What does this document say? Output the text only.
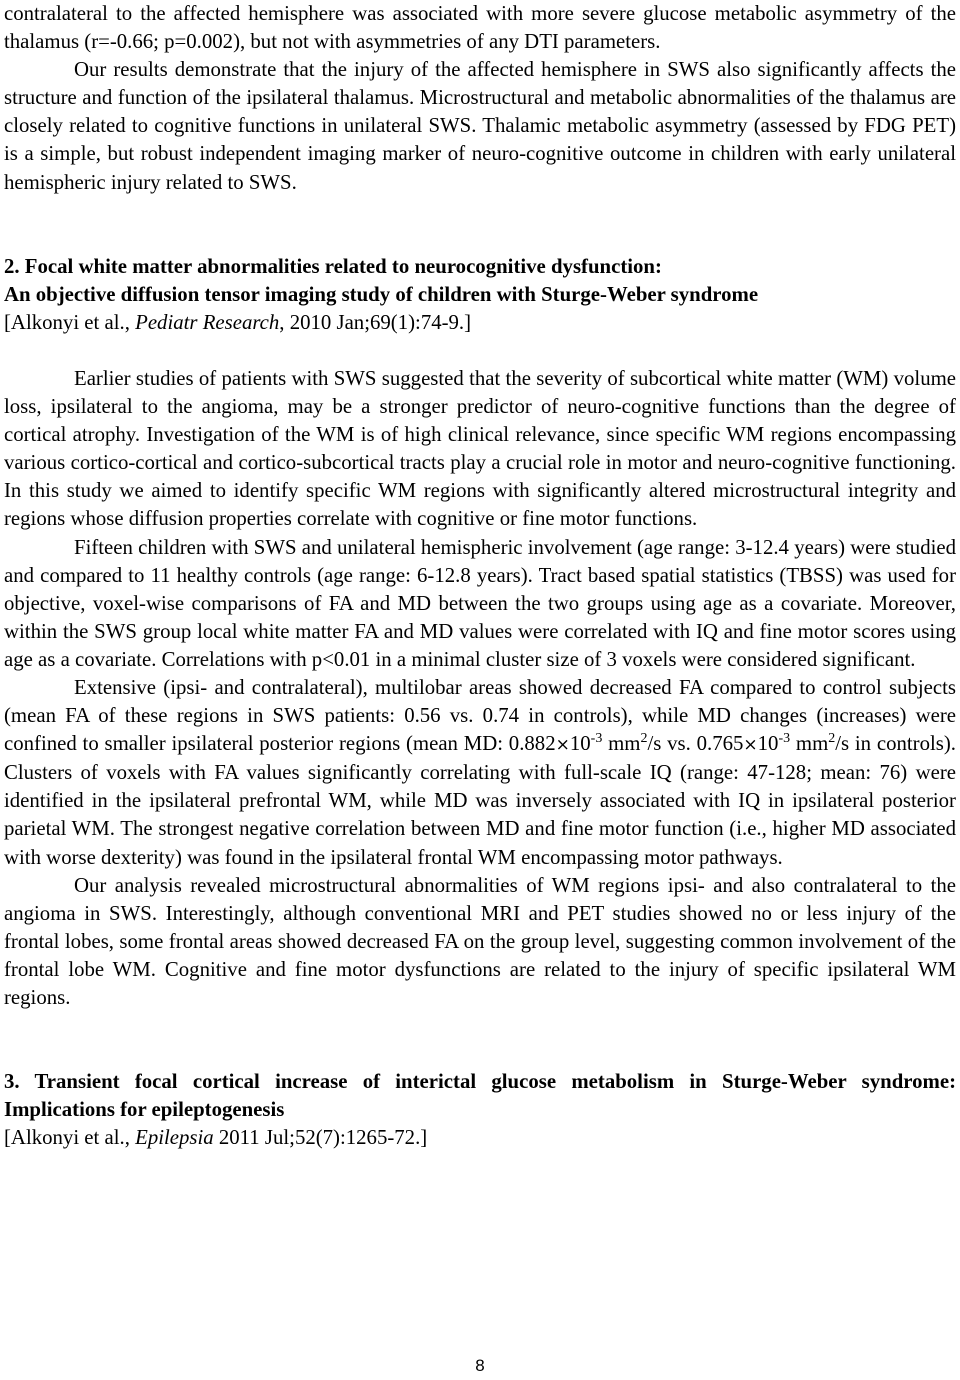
contralateral to the affected hemisphere was associated with more severe glucose metabolic asymmetry of the thalamus (r=-0.66; p=0.002), but not with asymmetries of any DTI parameters.

Our results demonstrate that the injury of the affected hemisphere in SWS also significantly affects the structure and function of the ipsilateral thalamus. Microstructural and metabolic abnormalities of the thalamus are closely related to cognitive functions in unilateral SWS. Thalamic metabolic asymmetry (assessed by FDG PET) is a simple, but robust independent imaging marker of neuro-cognitive outcome in children with early unilateral hemispheric injury related to SWS.

2. Focal white matter abnormalities related to neurocognitive dysfunction:

An objective diffusion tensor imaging study of children with Sturge-Weber syndrome

[Alkonyi et al., Pediatr Research, 2010 Jan;69(1):74-9.]

Earlier studies of patients with SWS suggested that the severity of subcortical white matter (WM) volume loss, ipsilateral to the angioma, may be a stronger predictor of neuro-cognitive functions than the degree of cortical atrophy. Investigation of the WM is of high clinical relevance, since specific WM regions encompassing various cortico-cortical and cortico-subcortical tracts play a crucial role in motor and neuro-cognitive functioning. In this study we aimed to identify specific WM regions with significantly altered microstructural integrity and regions whose diffusion properties correlate with cognitive or fine motor functions.

Fifteen children with SWS and unilateral hemispheric involvement (age range: 3-12.4 years) were studied and compared to 11 healthy controls (age range: 6-12.8 years). Tract based spatial statistics (TBSS) was used for objective, voxel-wise comparisons of FA and MD between the two groups using age as a covariate. Moreover, within the SWS group local white matter FA and MD values were correlated with IQ and fine motor scores using age as a covariate. Correlations with p<0.01 in a minimal cluster size of 3 voxels were considered significant.

Extensive (ipsi- and contralateral), multilobar areas showed decreased FA compared to control subjects (mean FA of these regions in SWS patients: 0.56 vs. 0.74 in controls), while MD changes (increases) were confined to smaller ipsilateral posterior regions (mean MD: $0.882\times 10^{-3}$ $mm^2/s$ vs. $0.765\times 10^{-3}$ $mm^2/s$ in controls). Clusters of voxels with FA values significantly correlating with full-scale IQ (range: 47-128; mean: 76) were identified in the ipsilateral prefrontal WM, while MD was inversely associated with IQ in ipsilateral posterior parietal WM. The strongest negative correlation between MD and fine motor function (i.e., higher MD associated with worse dexterity) was found in the ipsilateral frontal WM encompassing motor pathways.

Our analysis revealed microstructural abnormalities of WM regions ipsi- and also contralateral to the angioma in SWS. Interestingly, although conventional MRI and PET studies showed no or less injury of the frontal lobes, some frontal areas showed decreased FA on the group level, suggesting common involvement of the frontal lobe WM. Cognitive and fine motor dysfunctions are related to the injury of specific ipsilateral WM regions.

3. Transient focal cortical increase of interictal glucose metabolism in Sturge-Weber syndrome: Implications for epileptogenesis

[Alkonyi et al., Epilepsia 2011 Jul;52(7):1265-72.]

8
